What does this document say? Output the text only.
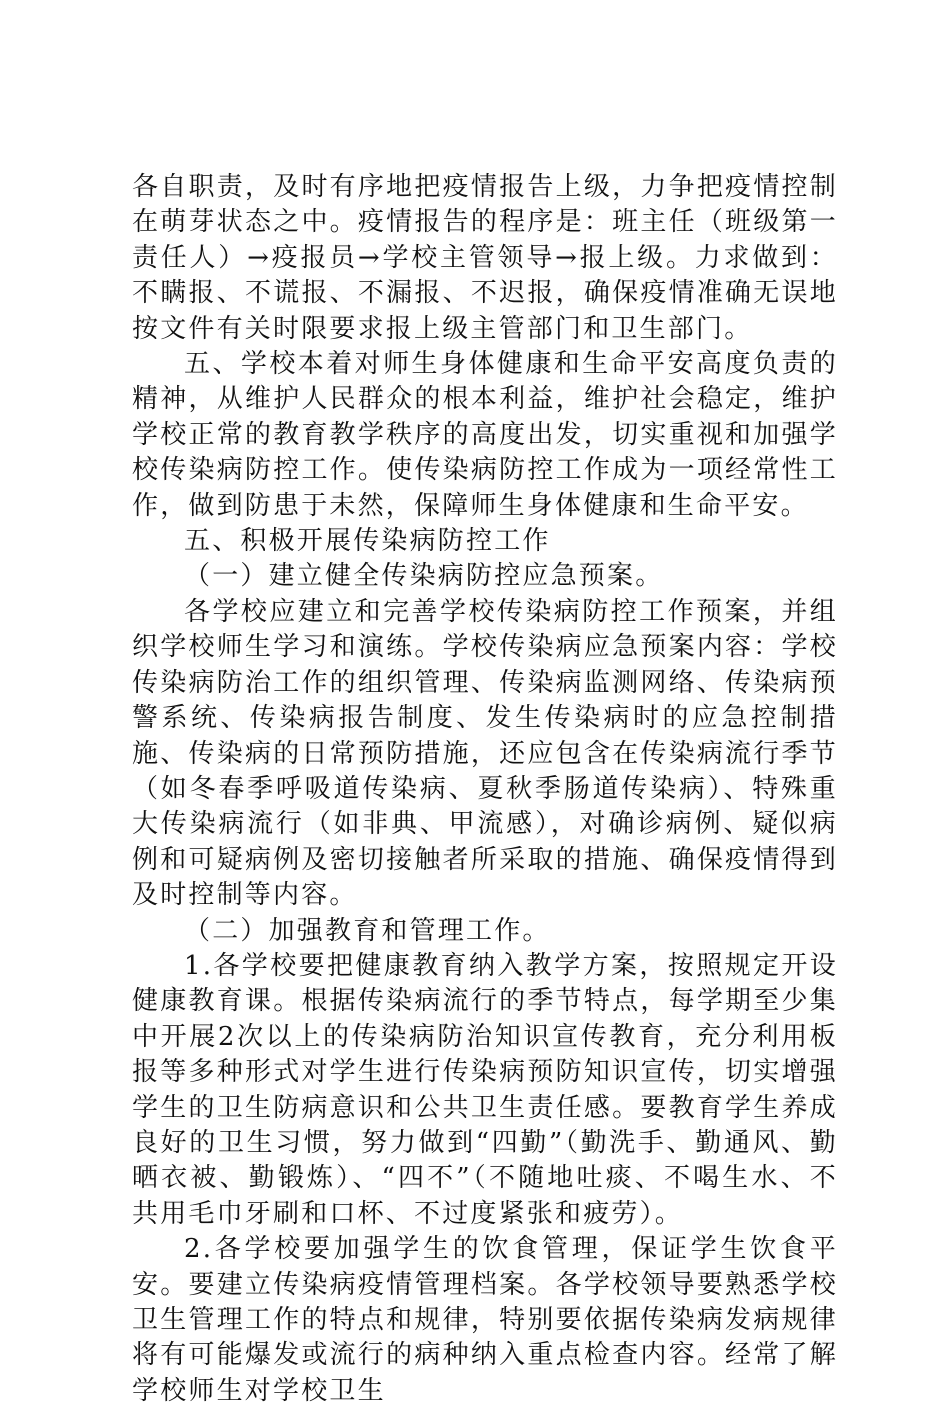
各自职责，及时有序地把疫情报告上级，力争把疫情控制在萌芽状态之中。疫情报告的程序是：班主任（班级第一责任人）→疫报员→学校主管领导→报上级。力求做到：不瞒报、不谎报、不漏报、不迟报，确保疫情准确无误地按文件有关时限要求报上级主管部门和卫生部门。

五、学校本着对师生身体健康和生命平安高度负责的精神，从维护人民群众的根本利益，维护社会稳定，维护学校正常的教育教学秩序的高度出发，切实重视和加强学校传染病防控工作。使传染病防控工作成为一项经常性工作，做到防患于未然，保障师生身体健康和生命平安。

五、积极开展传染病防控工作

（一）建立健全传染病防控应急预案。

各学校应建立和完善学校传染病防控工作预案，并组织学校师生学习和演练。学校传染病应急预案内容：学校传染病防治工作的组织管理、传染病监测网络、传染病预警系统、传染病报告制度、发生传染病时的应急控制措施、传染病的日常预防措施，还应包含在传染病流行季节（如冬春季呼吸道传染病、夏秋季肠道传染病）、特殊重大传染病流行（如非典、甲流感），对确诊病例、疑似病例和可疑病例及密切接触者所采取的措施、确保疫情得到及时控制等内容。

（二）加强教育和管理工作。

1.各学校要把健康教育纳入教学方案，按照规定开设健康教育课。根据传染病流行的季节特点，每学期至少集中开展2次以上的传染病防治知识宣传教育，充分利用板报等多种形式对学生进行传染病预防知识宣传，切实增强学生的卫生防病意识和公共卫生责任感。要教育学生养成良好的卫生习惯，努力做到“四勤”（勤洗手、勤通风、勤晒衣被、勤锻炼）、“四不”（不随地吐痰、不喝生水、不共用毛巾牙刷和口杯、不过度紧张和疲劳）。

2.各学校要加强学生的饮食管理，保证学生饮食平安。要建立传染病疫情管理档案。各学校领导要熟悉学校卫生管理工作的特点和规律，特别要依据传染病发病规律将有可能爆发或流行的病种纳入重点检查内容。经常了解学校师生对学校卫生
